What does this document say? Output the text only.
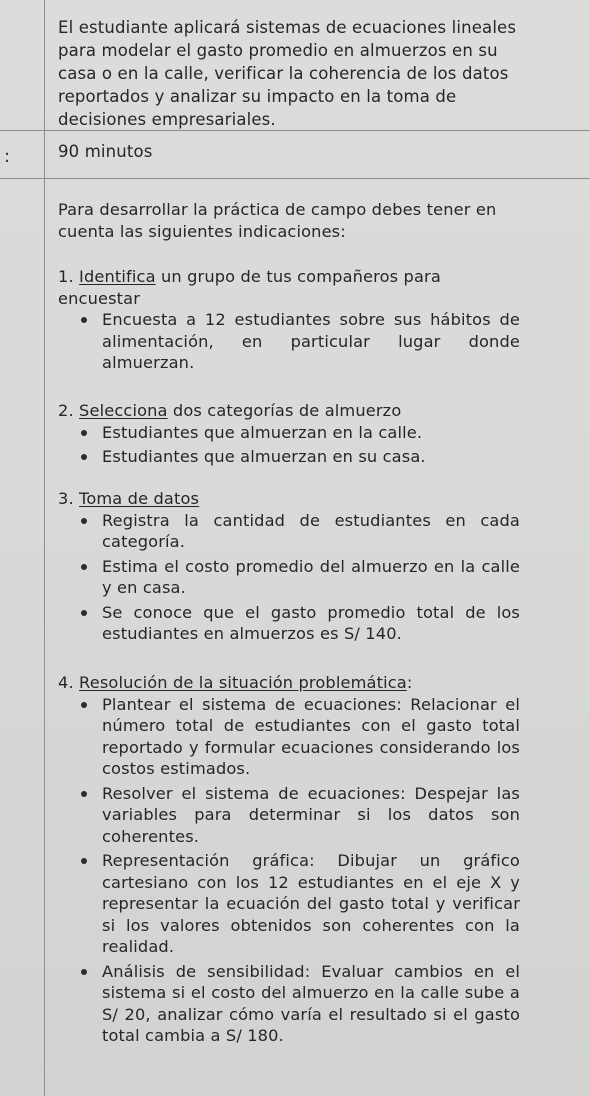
:
El estudiante aplicará sistemas de ecuaciones lineales para modelar el gasto promedio en almuerzos en su casa o en la calle, verificar la coherencia de los datos reportados y analizar su impacto en la toma de decisiones empresariales.
90 minutos
Para desarrollar la práctica de campo debes tener en cuenta las siguientes indicaciones:

1. Identifica un grupo de tus compañeros para encuestar

Encuesta a 12 estudiantes sobre sus hábitos de alimentación, en particular lugar donde almuerzan.

2. Selecciona dos categorías de almuerzo

Estudiantes que almuerzan en la calle.
Estudiantes que almuerzan en su casa.

3. Toma de datos

Registra la cantidad de estudiantes en cada categoría.
Estima el costo promedio del almuerzo en la calle y en casa.
Se conoce que el gasto promedio total de los estudiantes en almuerzos es S/ 140.

4. Resolución de la situación problemática:

Plantear el sistema de ecuaciones: Relacionar el número total de estudiantes con el gasto total reportado y formular ecuaciones considerando los costos estimados.
Resolver el sistema de ecuaciones: Despejar las variables para determinar si los datos son coherentes.
Representación gráfica: Dibujar un gráfico cartesiano con los 12 estudiantes en el eje X y representar la ecuación del gasto total y verificar si los valores obtenidos son coherentes con la realidad.
Análisis de sensibilidad: Evaluar cambios en el sistema si el costo del almuerzo en la calle sube a S/ 20, analizar cómo varía el resultado si el gasto total cambia a S/ 180.
